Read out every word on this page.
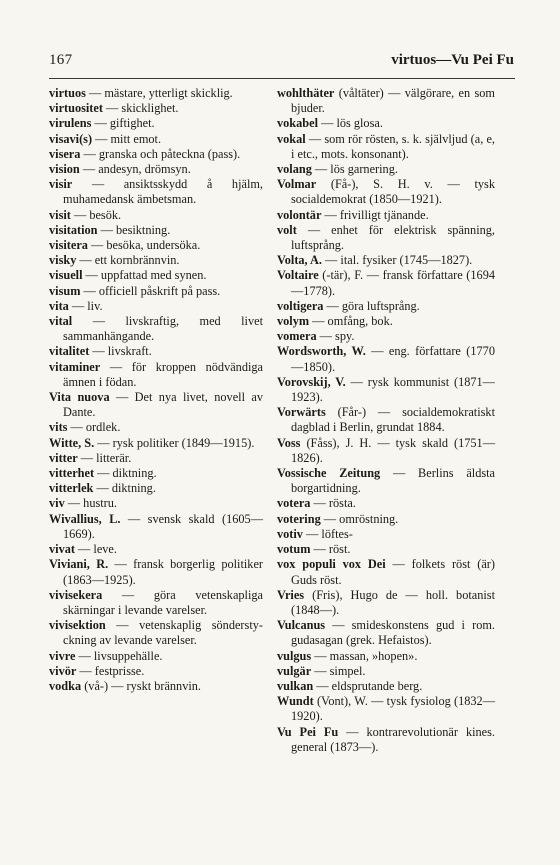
167	virtuos—Vu Pei Fu
virtuos — mästare, ytterligt skicklig.
virtuositet — skicklighet.
virulens — giftighet.
visavi(s) — mitt emot.
visera — granska och påteckna (pass).
vision — andesyn, drömsyn.
visir — ansiktsskydd å hjälm, muhamedansk ämbetsman.
visit — besök.
visitation — besiktning.
visitera — besöka, undersöka.
visky — ett kornbrännvin.
visuell — uppfattad med synen.
visum — officiell påskrift på pass.
vita — liv.
vital — livskraftig, med livet sammanhängande.
vitalitet — livskraft.
vitaminer — för kroppen nödvändiga ämnen i födan.
Vita nuova — Det nya livet, novell av Dante.
vits — ordlek.
Witte, S. — rysk politiker (1849—1915).
vitter — litterär.
vitterhet — diktning.
vitterlek — diktning.
viv — hustru.
Wivallius, L. — svensk skald (1605—1669).
vivat — leve.
Viviani, R. — fransk borgerlig politiker (1863—1925).
vivisekera — göra vetenskapliga skärningar i levande varelser.
vivisektion — vetenskaplig sönderstyckning av levande varelser.
vivre — livsuppehälle.
vivör — festprisse.
vodka (vå-) — ryskt brännvin.
wohlthäter (våltäter) — välgörare, en som bjuder.
vokabel — lös glosa.
vokal — som rör rösten, s. k. självljud (a, e, i etc., mots. konsonant).
volang — lös garnering.
Volmar (Få-), S. H. v. — tysk socialdemokrat (1850—1921).
volontär — frivilligt tjänande.
volt — enhet för elektrisk spänning, luftsprång.
Volta, A. — ital. fysiker (1745—1827).
Voltaire (-tär), F. — fransk författare (1694—1778).
voltigera — göra luftsprång.
volym — omfång, bok.
vomera — spy.
Wordsworth, W. — eng. författare (1770—1850).
Vorovskij, V. — rysk kommunist (1871—1923).
Vorwärts (Får-) — socialdemokratiskt dagblad i Berlin, grundat 1884.
Voss (Fåss), J. H. — tysk skald (1751—1826).
Vossische Zeitung — Berlins äldsta borgartidning.
votera — rösta.
votering — omröstning.
votiv — löftes-
votum — röst.
vox populi vox Dei — folkets röst (är) Guds röst.
Vries (Fris), Hugo de — holl. botanist (1848—).
Vulcanus — smideskonstens gud i rom. gudasagan (grek. Hefaistos).
vulgus — massan, »hopen».
vulgär — simpel.
vulkan — eldsprutande berg.
Wundt (Vont), W. — tysk fysiolog (1832—1920).
Vu Pei Fu — kontrarevolutionär kines. general (1873—).
